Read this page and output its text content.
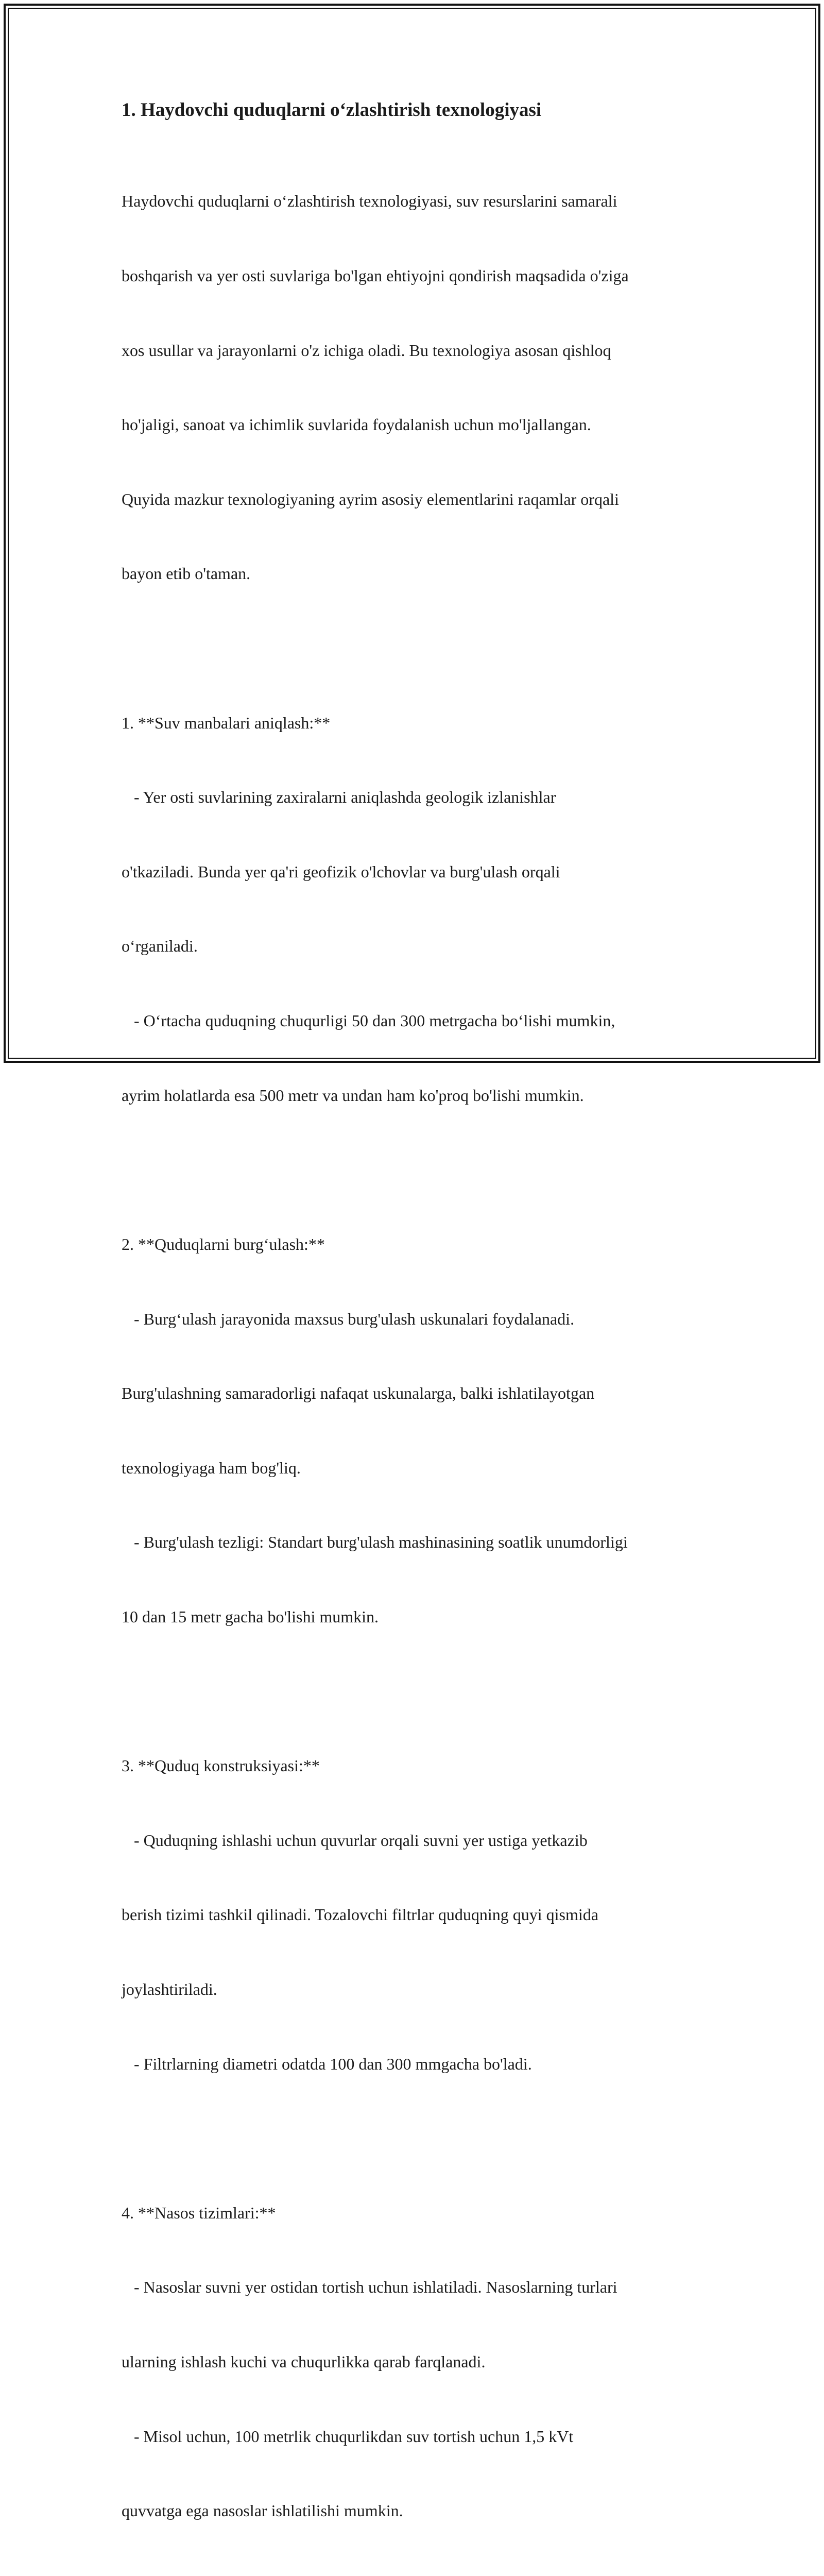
1. Haydovchi quduqlarni oʻzlashtirish texnologiyasi

Haydovchi quduqlarni oʻzlashtirish texnologiyasi, suv resurslarini samarali

boshqarish va yer osti suvlariga bo'lgan ehtiyojni qondirish maqsadida o'ziga

xos usullar va jarayonlarni o'z ichiga oladi. Bu texnologiya asosan qishloq

ho'jaligi, sanoat va ichimlik suvlarida foydalanish uchun mo'ljallangan.

Quyida mazkur texnologiyaning ayrim asosiy elementlarini raqamlar orqali

bayon etib o'taman.

1. **Suv manbalari aniqlash:**

- Yer osti suvlarining zaxiralarni aniqlashda geologik izlanishlar

o'tkaziladi. Bunda yer qa'ri geofizik o'lchovlar va burg'ulash orqali

oʻrganiladi.

- Oʻrtacha quduqning chuqurligi 50 dan 300 metrgacha boʻlishi mumkin,

ayrim holatlarda esa 500 metr va undan ham ko'proq bo'lishi mumkin.

2. **Quduqlarni burgʻulash:**

- Burgʻulash jarayonida maxsus burg'ulash uskunalari foydalanadi.

Burg'ulashning samaradorligi nafaqat uskunalarga, balki ishlatilayotgan

texnologiyaga ham bog'liq.

- Burg'ulash tezligi: Standart burg'ulash mashinasining soatlik unumdorligi

10 dan 15 metr gacha bo'lishi mumkin.

3. **Quduq konstruksiyasi:**

- Quduqning ishlashi uchun quvurlar orqali suvni yer ustiga yetkazib

berish tizimi tashkil qilinadi. Tozalovchi filtrlar quduqning quyi qismida

joylashtiriladi.

- Filtrlarning diametri odatda 100 dan 300 mmgacha bo'ladi.

4. **Nasos tizimlari:**

- Nasoslar suvni yer ostidan tortish uchun ishlatiladi. Nasoslarning turlari

ularning ishlash kuchi va chuqurlikka qarab farqlanadi.

- Misol uchun, 100 metrlik chuqurlikdan suv tortish uchun 1,5 kVt

quvvatga ega nasoslar ishlatilishi mumkin.
